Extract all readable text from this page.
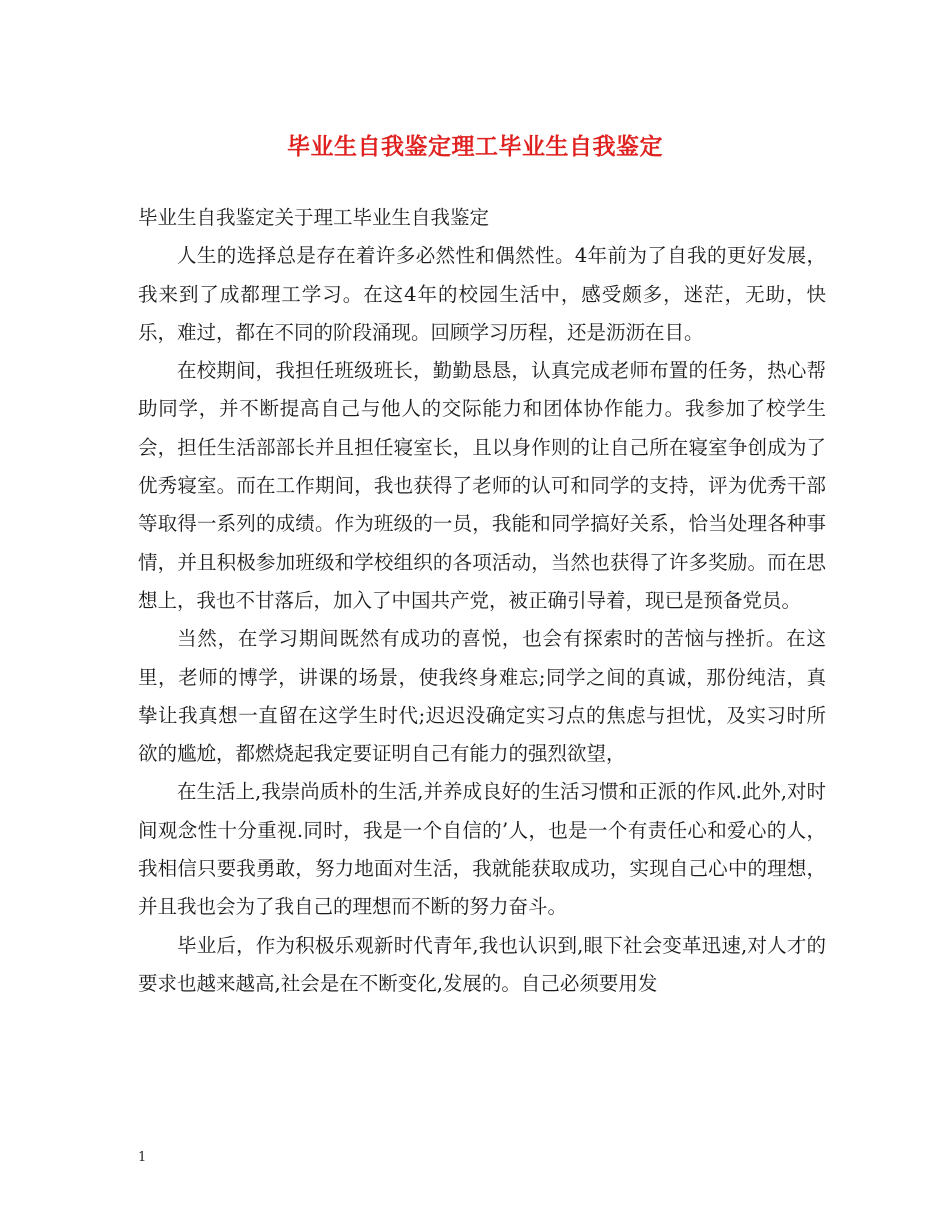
毕业生自我鉴定理工毕业生自我鉴定

毕业生自我鉴定关于理工毕业生自我鉴定

人生的选择总是存在着许多必然性和偶然性。4年前为了自我的更好发展，我来到了成都理工学习。在这4年的校园生活中，感受颇多，迷茫，无助，快乐，难过，都在不同的阶段涌现。回顾学习历程，还是沥沥在目。

在校期间，我担任班级班长，勤勤恳恳，认真完成老师布置的任务，热心帮助同学，并不断提高自己与他人的交际能力和团体协作能力。我参加了校学生会，担任生活部部长并且担任寝室长，且以身作则的让自己所在寝室争创成为了优秀寝室。而在工作期间，我也获得了老师的认可和同学的支持，评为优秀干部等取得一系列的成绩。作为班级的一员，我能和同学搞好关系，恰当处理各种事情，并且积极参加班级和学校组织的各项活动，当然也获得了许多奖励。而在思想上，我也不甘落后，加入了中国共产党，被正确引导着，现已是预备党员。

当然，在学习期间既然有成功的喜悦，也会有探索时的苦恼与挫折。在这里，老师的博学，讲课的场景，使我终身难忘;同学之间的真诚，那份纯洁，真挚让我真想一直留在这学生时代;迟迟没确定实习点的焦虑与担忧，及实习时所欲的尴尬，都燃烧起我定要证明自己有能力的强烈欲望，

在生活上,我崇尚质朴的生活,并养成良好的生活习惯和正派的作风.此外,对时间观念性十分重视.同时，我是一个自信的’人，也是一个有责任心和爱心的人，我相信只要我勇敢，努力地面对生活，我就能获取成功，实现自己心中的理想，并且我也会为了我自己的理想而不断的努力奋斗。

毕业后，作为积极乐观新时代青年,我也认识到,眼下社会变革迅速,对人才的要求也越来越高,社会是在不断变化,发展的。自己必须要用发

1
